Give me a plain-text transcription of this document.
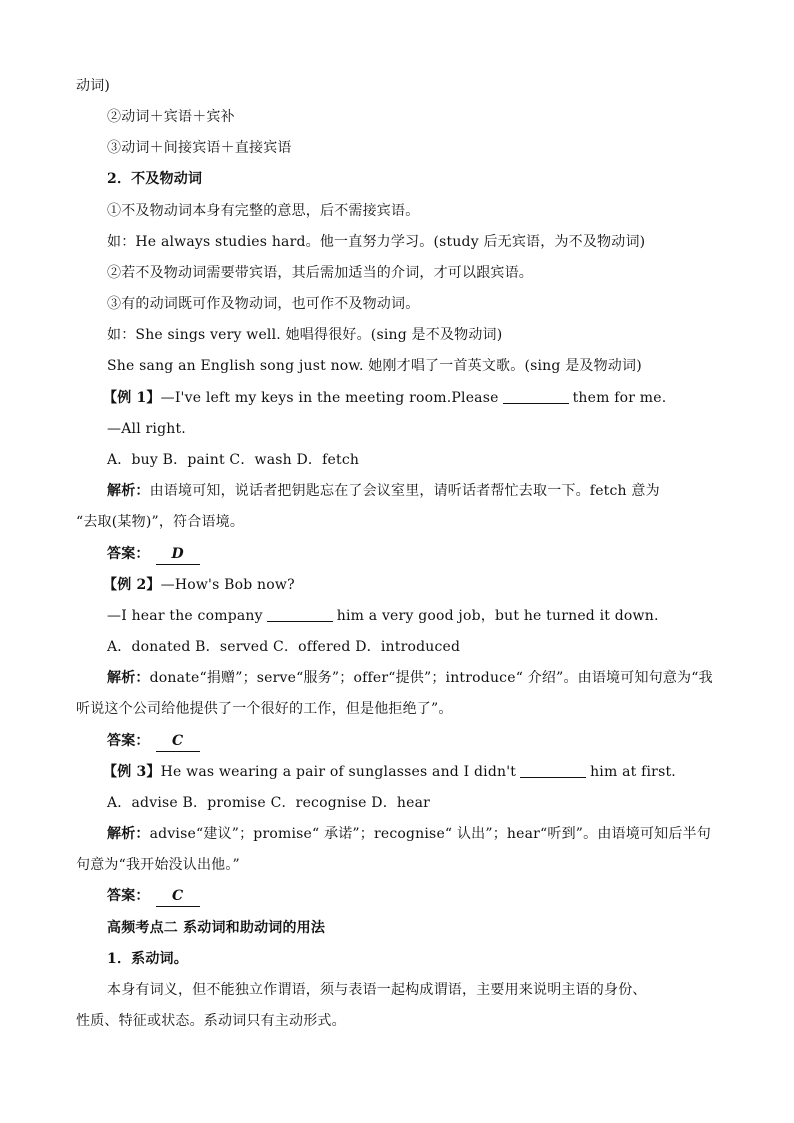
动词)
②动词＋宾语＋宾补
③动词＋间接宾语＋直接宾语
2．不及物动词
①不及物动词本身有完整的意思，后不需接宾语。
如：He always studies hard。他一直努力学习。(study 后无宾语，为不及物动词)
②若不及物动词需要带宾语，其后需加适当的介词，才可以跟宾语。
③有的动词既可作及物动词，也可作不及物动词。
如：She sings very well. 她唱得很好。(sing 是不及物动词)
She sang an English song just now. 她刚才唱了一首英文歌。(sing 是及物动词)
【例 1】—I've left my keys in the meeting room.Please	them for me.
—All right.
A．buy B．paint C．wash D．fetch
解析：由语境可知，说话者把钥匙忘在了会议室里，请听话者帮忙去取一下。fetch 意为
“去取(某物)”，符合语境。
答案： D
【例 2】—How's Bob now?
—I hear the company	him a very good job，but he turned it down.
A．donated B．served C．offered D．introduced
解析：donate“捐赠”；serve“服务”；offer“提供”；introduce“ 介绍”。由语境可知句意为“我
听说这个公司给他提供了一个很好的工作，但是他拒绝了”。
答案： C
【例 3】He was wearing a pair of sunglasses and I didn't	him at first.
A．advise B．promise C．recognise D．hear
解析：advise“建议”；promise“ 承诺”；recognise“ 认出”；hear“听到”。由语境可知后半句
句意为“我开始没认出他。”
答案： C
高频考点二 系动词和助动词的用法
1．系动词。
本身有词义，但不能独立作谓语，须与表语一起构成谓语，主要用来说明主语的身份、
性质、特征或状态。系动词只有主动形式。
